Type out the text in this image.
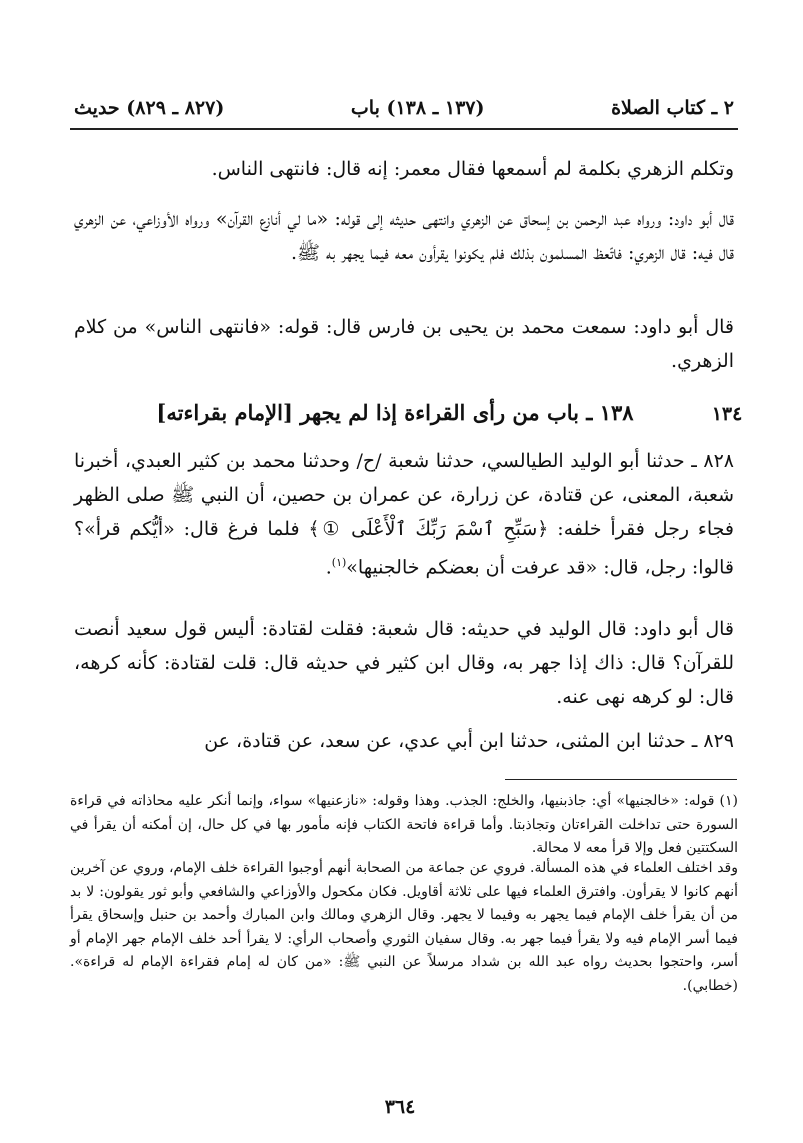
٢ ـ كتاب الصلاة
(١٣٧ ـ ١٣٨) باب
(٨٢٧ ـ ٨٢٩) حديث

وتكلم الزهري بكلمة لم أسمعها فقال معمر: إنه قال: فانتهى الناس.

قال أبو داود: ورواه عبد الرحمن بن إسحاق عن الزهري وانتهى حديثه إلى قوله: «ما لي أنازع القرآن» ورواه الأوزاعي، عن الزهري قال فيه: قال الزهري: فاتّعظ المسلمون بذلك فلم يكونوا يقرأون معه فيما يجهر به ﷺ.

قال أبو داود: سمعت محمد بن يحيى بن فارس قال: قوله: «فانتهى الناس» من كلام الزهري.

١٣٤
١٣٨ ـ باب من رأى القراءة إذا لم يجهر [الإمام بقراءته]

٨٢٨ ـ حدثنا أبو الوليد الطيالسي، حدثنا شعبة /ح/ وحدثنا محمد بن كثير العبدي، أخبرنا شعبة، المعنى، عن قتادة، عن زرارة، عن عمران بن حصين، أن النبي ﷺ صلى الظهر فجاء رجل فقرأ خلفه: ﴿سَبِّحِ ٱسْمَ رَبِّكَ ٱلْأَعْلَى ①﴾ فلما فرغ قال: «أيُّكم قرأ»؟ قالوا: رجل، قال: «قد عرفت أن بعضكم خالجنيها»$^{(١)}$.

قال أبو داود: قال الوليد في حديثه: قال شعبة: فقلت لقتادة: أليس قول سعيد أنصت للقرآن؟ قال: ذاك إذا جهر به، وقال ابن كثير في حديثه قال: قلت لقتادة: كأنه كرهه، قال: لو كرهه نهى عنه.

٨٢٩ ـ حدثنا ابن المثنى، حدثنا ابن أبي عدي، عن سعد، عن قتادة، عن

(١) قوله: «خالجنيها» أي: جاذبنيها، والخلج: الجذب. وهذا وقوله: «نازعنيها» سواء، وإنما أنكر عليه محاذاته في قراءة السورة حتى تداخلت القراءتان وتجاذبتا. وأما قراءة فاتحة الكتاب فإنه مأمور بها في كل حال، إن أمكنه أن يقرأ في السكتتين فعل وإلا قرأ معه لا محالة.

وقد اختلف العلماء في هذه المسألة. فروي عن جماعة من الصحابة أنهم أوجبوا القراءة خلف الإمام، وروي عن آخرين أنهم كانوا لا يقرأون. وافترق العلماء فيها على ثلاثة أقاويل. فكان مكحول والأوزاعي والشافعي وأبو ثور يقولون: لا بد من أن يقرأ خلف الإمام فيما يجهر به وفيما لا يجهر. وقال الزهري ومالك وابن المبارك وأحمد بن حنبل وإسحاق يقرأ فيما أسر الإمام فيه ولا يقرأ فيما جهر به. وقال سفيان الثوري وأصحاب الرأي: لا يقرأ أحد خلف الإمام جهر الإمام أو أسر، واحتجوا بحديث رواه عبد الله بن شداد مرسلاً عن النبي ﷺ: «من كان له إمام فقراءة الإمام له قراءة». (خطابي).

٣٦٤
